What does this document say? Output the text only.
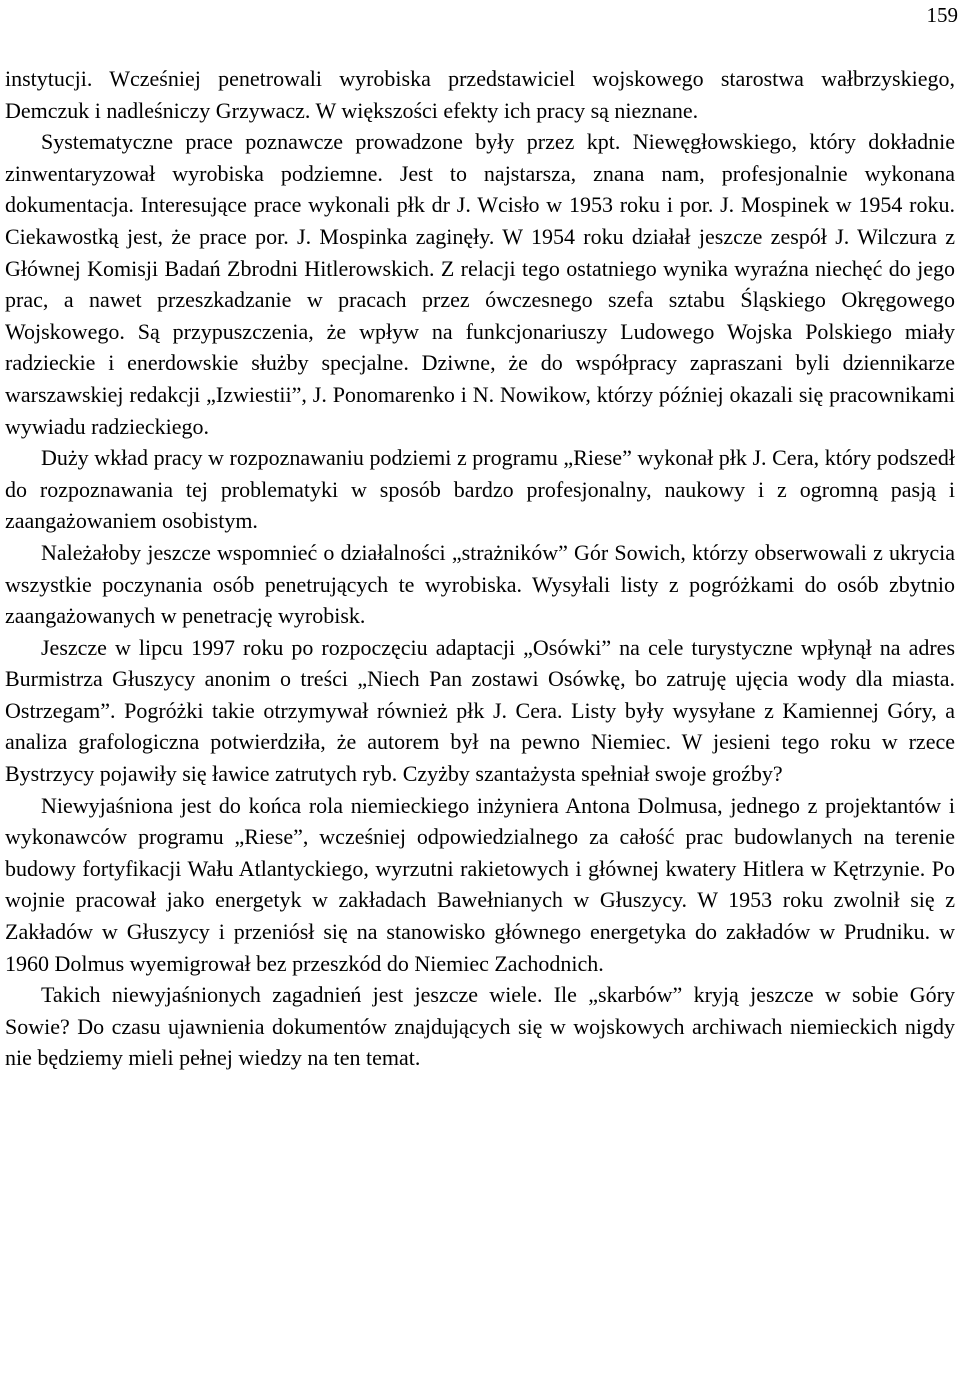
159

instytucji. Wcześniej penetrowali wyrobiska przedstawiciel wojskowego starostwa wałbrzyskiego, Demczuk i nadleśniczy Grzywacz. W większości efekty ich pracy są nieznane.

Systematyczne prace poznawcze prowadzone były przez kpt. Niewęgłowskiego, który dokładnie zinwentaryzował wyrobiska podziemne. Jest to najstarsza, znana nam, profesjonalnie wykonana dokumentacja. Interesujące prace wykonali płk dr J. Wcisło w 1953 roku i por. J. Mospinek w 1954 roku. Ciekawostką jest, że prace por. J. Mospinka zaginęły. W 1954 roku działał jeszcze zespół J. Wilczura z Głównej Komisji Badań Zbrodni Hitlerowskich. Z relacji tego ostatniego wynika wyraźna niechęć do jego prac, a nawet przeszkadzanie w pracach przez ówczesnego szefa sztabu Śląskiego Okręgowego Wojskowego. Są przypuszczenia, że wpływ na funkcjonariuszy Ludowego Wojska Polskiego miały radzieckie i enerdowskie służby specjalne. Dziwne, że do współpracy zapraszani byli dziennikarze warszawskiej redakcji „Izwiestii”, J. Ponomarenko i N. Nowikow, którzy później okazali się pracownikami wywiadu radzieckiego.

Duży wkład pracy w rozpoznawaniu podziemi z programu „Riese” wykonał płk J. Cera, który podszedł do rozpoznawania tej problematyki w sposób bardzo profesjonalny, naukowy i z ogromną pasją i zaangażowaniem osobistym.

Należałoby jeszcze wspomnieć o działalności „strażników” Gór Sowich, którzy obserwowali z ukrycia wszystkie poczynania osób penetrujących te wyrobiska. Wysyłali listy z pogróżkami do osób zbytnio zaangażowanych w penetrację wyrobisk.

Jeszcze w lipcu 1997 roku po rozpoczęciu adaptacji „Osówki” na cele turystyczne wpłynął na adres Burmistrza Głuszycy anonim o treści „Niech Pan zostawi Osówkę, bo zatruję ujęcia wody dla miasta. Ostrzegam”. Pogróżki takie otrzymywał również płk J. Cera. Listy były wysyłane z Kamiennej Góry, a analiza grafologiczna potwierdziła, że autorem był na pewno Niemiec. W jesieni tego roku w rzece Bystrzycy pojawiły się ławice zatrutych ryb. Czyżby szantażysta spełniał swoje groźby?

Niewyjaśniona jest do końca rola niemieckiego inżyniera Antona Dolmusa, jednego z projektantów i wykonawców programu „Riese”, wcześniej odpowiedzialnego za całość prac budowlanych na terenie budowy fortyfikacji Wału Atlantyckiego, wyrzutni rakietowych i głównej kwatery Hitlera w Kętrzynie. Po wojnie pracował jako energetyk w zakładach Bawełnianych w Głuszycy. W 1953 roku zwolnił się z Zakładów w Głuszycy i przeniósł się na stanowisko głównego energetyka do zakładów w Prudniku. w 1960 Dolmus wyemigrował bez przeszkód do Niemiec Zachodnich.

Takich niewyjaśnionych zagadnień jest jeszcze wiele. Ile „skarbów” kryją jeszcze w sobie Góry Sowie? Do czasu ujawnienia dokumentów znajdujących się w wojskowych archiwach niemieckich nigdy nie będziemy mieli pełnej wiedzy na ten temat.
